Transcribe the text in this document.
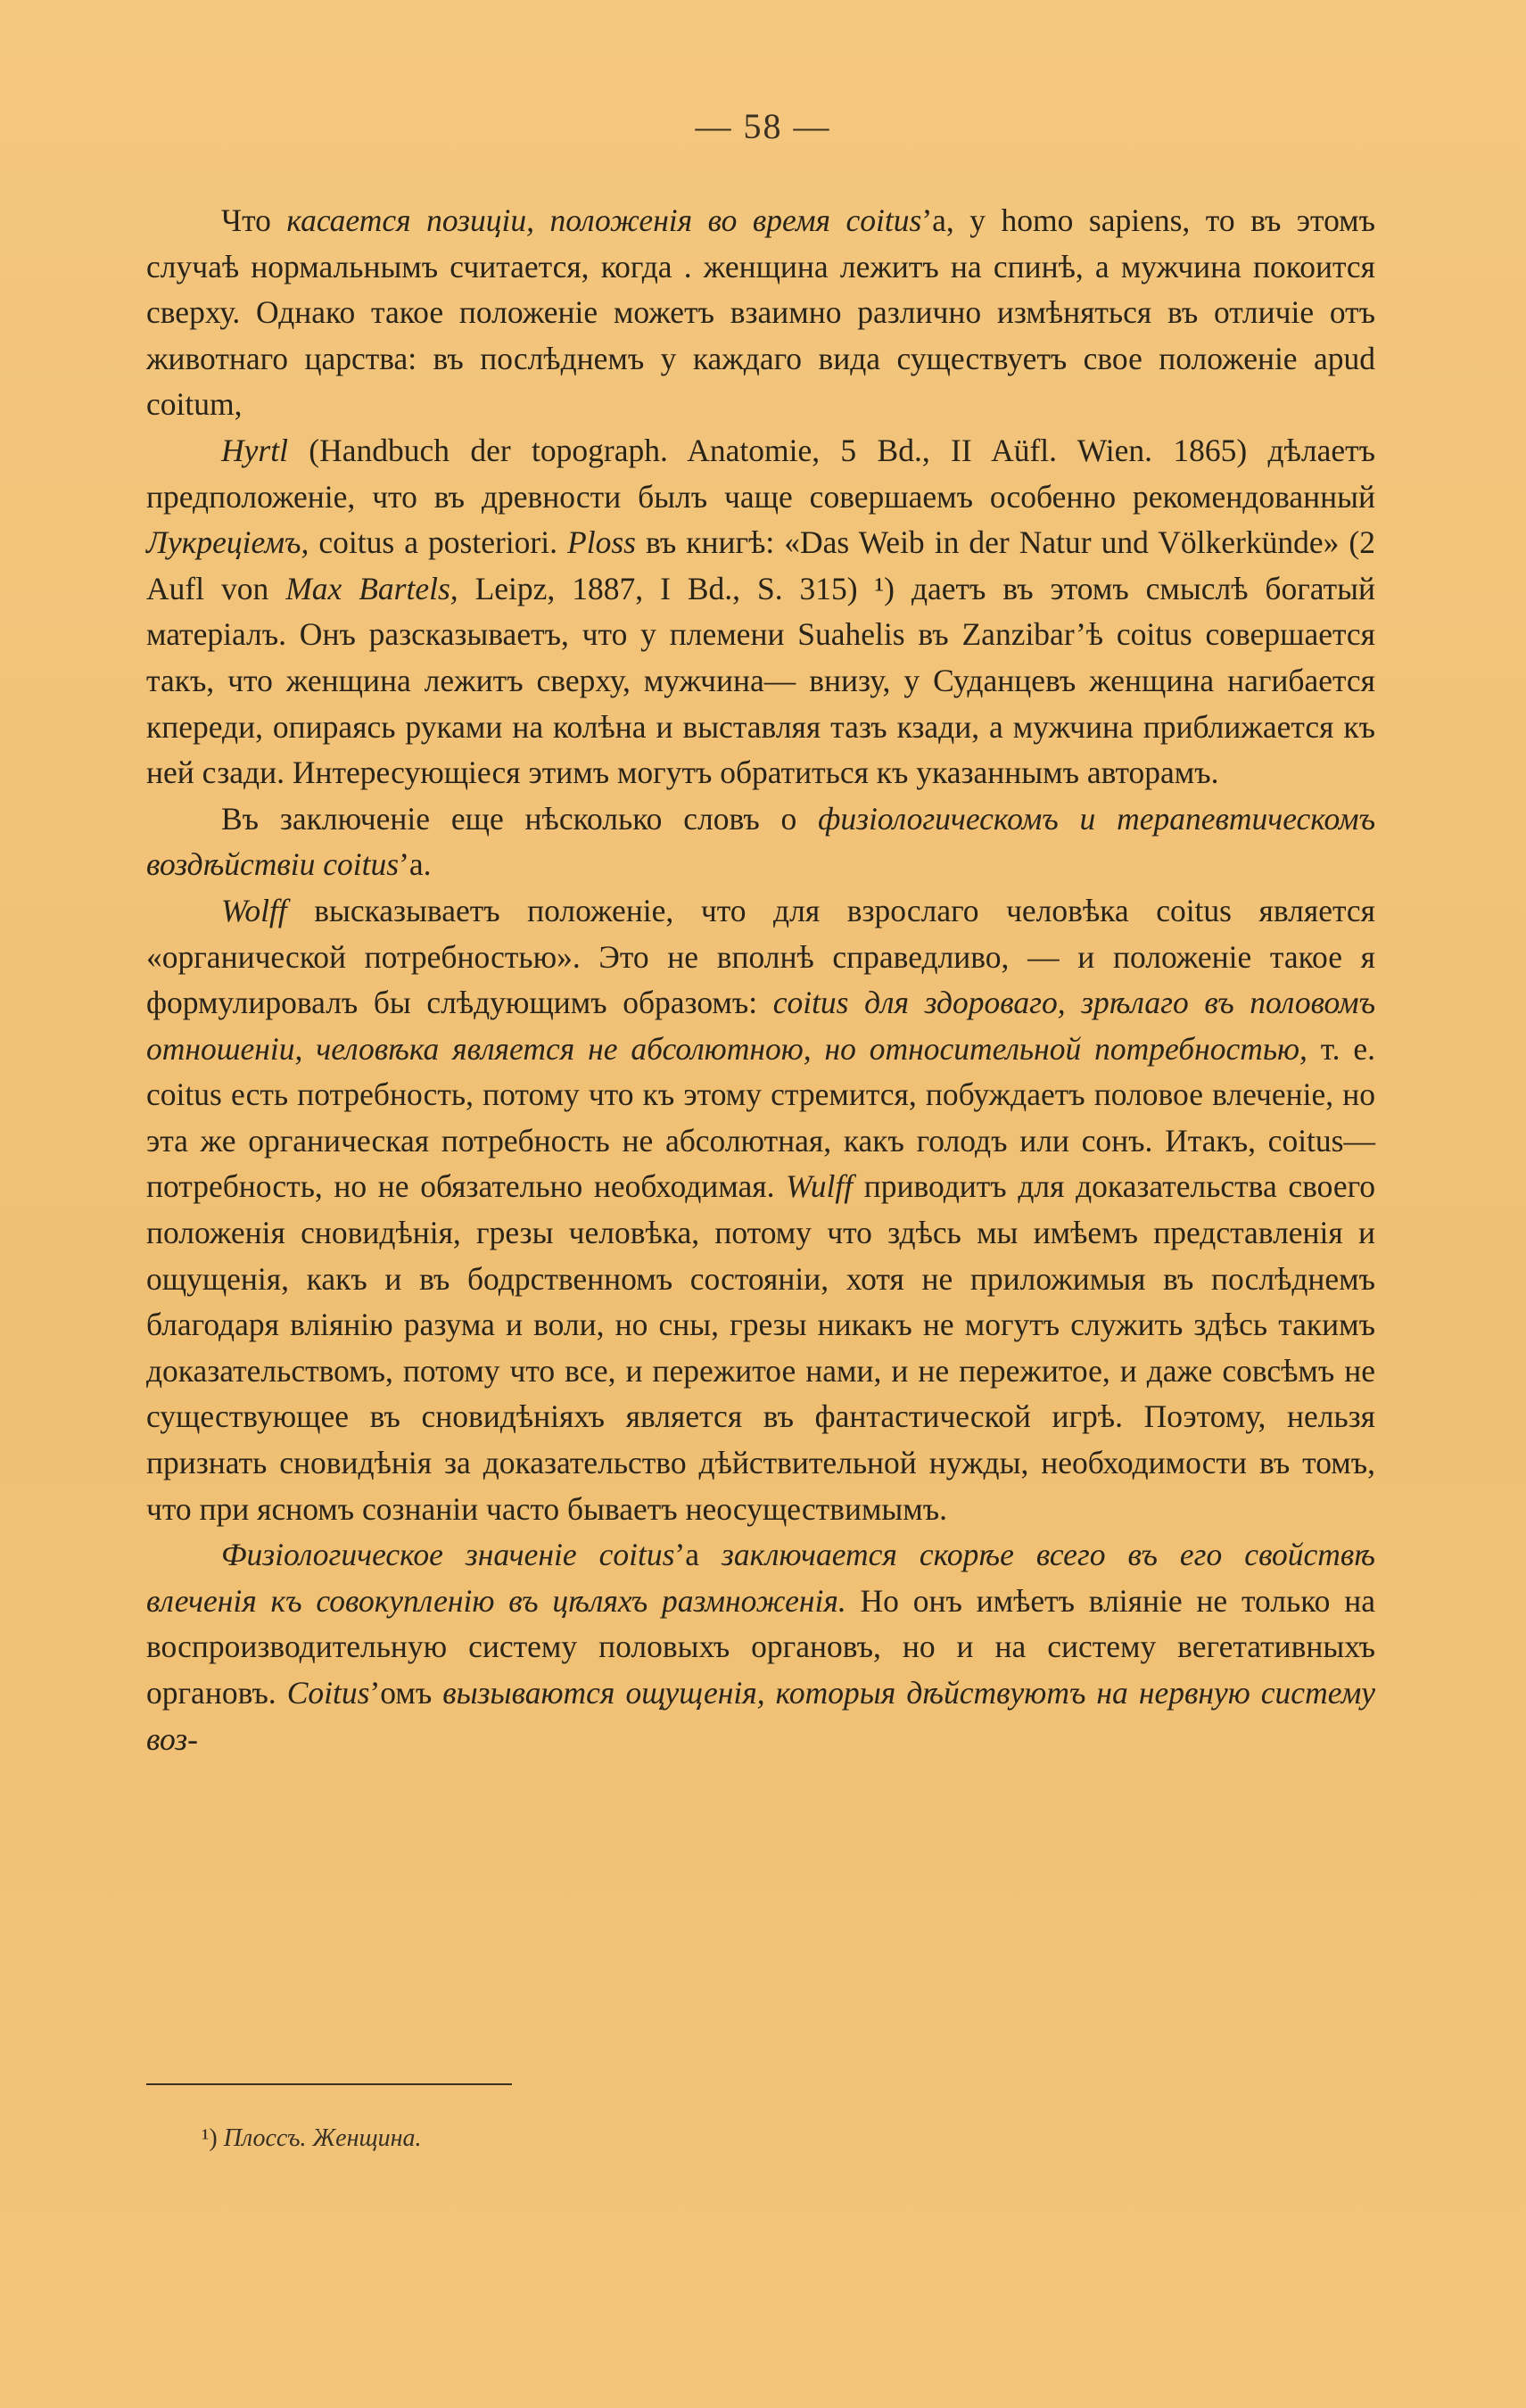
— 58 —

Что касается позиціи, положенія во время coitus’а, у homo sapiens, то въ этомъ случаѣ нормальнымъ считается, когда . женщина лежитъ на спинѣ, а мужчина покоится сверху. Однако такое положеніе можетъ взаимно различно измѣняться въ отличіе отъ животнаго царства: въ послѣднемъ у каждаго вида существуетъ свое положеніе apud coitum,

Hyrtl (Handbuch der topograph. Anatomie, 5 Bd., II Aüfl. Wien. 1865) дѣлаетъ предположеніе, что въ древности былъ чаще совершаемъ особенно рекомендованный Лукреціемъ, coitus a posteriori. Ploss въ книгѣ: «Das Weib in der Natur und Völkerkünde» (2 Aufl von Max Bartels, Leipz, 1887, I Bd., S. 315) ¹) даетъ въ этомъ смыслѣ богатый матеріалъ. Онъ разсказываетъ, что у племени Suahelis въ Zanzibar’ѣ coitus совершается такъ, что женщина лежитъ сверху, мужчина— внизу, у Суданцевъ женщина нагибается кпереди, опираясь руками на колѣна и выставляя тазъ кзади, а мужчина приближается къ ней сзади. Интересующіеся этимъ могутъ обратиться къ указаннымъ авторамъ.

Въ заключеніе еще нѣсколько словъ о физіологическомъ и терапевтическомъ воздѣйствіи coitus’а.

Wolff высказываетъ положеніе, что для взрослаго человѣка coitus является «органической потребностью». Это не вполнѣ справедливо, — и положеніе такое я формулировалъ бы слѣдующимъ образомъ: coitus для здороваго, зрѣлаго въ половомъ отношеніи, человѣка является не абсолютною, но относительной потребностью, т. е. coitus есть потребность, потому что къ этому стремится, побуждаетъ половое влеченіе, но эта же органическая потребность не абсолютная, какъ голодъ или сонъ. Итакъ, coitus—потребность, но не обязательно необходимая. Wulff приводитъ для доказательства своего положенія сновидѣнія, грезы человѣка, потому что здѣсь мы имѣемъ представленія и ощущенія, какъ и въ бодрственномъ состояніи, хотя не приложимыя въ послѣднемъ благодаря вліянію разума и воли, но сны, грезы никакъ не могутъ служить здѣсь такимъ доказательствомъ, потому что все, и пережитое нами, и не пережитое, и даже совсѣмъ не существующее въ сновидѣніяхъ является въ фантастической игрѣ. Поэтому, нельзя признать сновидѣнія за доказательство дѣйствительной нужды, необходимости въ томъ, что при ясномъ сознаніи часто бываетъ неосуществимымъ.

Физіологическое значеніе coitus’а заключается скорѣе всего въ его свойствѣ влеченія къ совокупленію въ цѣляхъ размноженія. Но онъ имѣетъ вліяніе не только на воспроизводительную систему половыхъ органовъ, но и на систему вегетативныхъ органовъ. Coitus’омъ вызываются ощущенія, которыя дѣйствуютъ на нервную систему воз-

¹) Плоссъ. Женщина.
